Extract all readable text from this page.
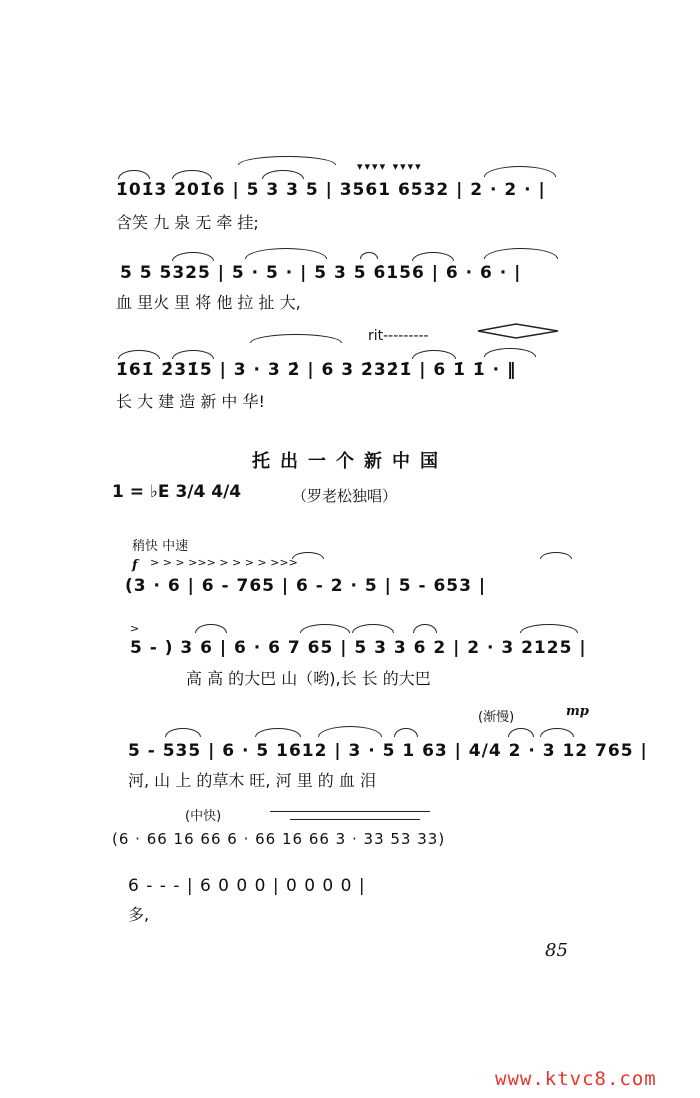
▾▾▾▾ ▾▾▾▾
1̇01̇3 2̇01̇6 | 5 3 3 5 | 3561 6532 | 2 · 2 · |
含笑 九 泉 无 牵 挂;
5 5 5325 | 5 · 5 · | 5 3 5 6̇156 | 6 · 6 · |
血 里火 里 将 他 拉 扯 大,
rit---------
1̇61̇ 2̇31̇5 | 3 · 3 2̇ | 6 3 2̇32̇1̇ | 6 1̇ 1̇ · ‖
长 大 建 造 新 中 华!
托出一个新中国
1 = ♭E 3/4 4/4	（罗老松独唱）
稍快 中速
f > > > >>> > > > > >>>
(3 · 6 | 6 - 765 | 6 - 2 · 5 | 5 - 653 |
>
5 - ) 3 6 | 6 · 6 7 65 | 5 3 3 6 2 | 2 · 3 2125 |
高 高 的大巴 山（哟),长 长 的大巴
(渐慢)	mp
5 - 535 | 6 · 5 1612 | 3 · 5 1 63 | 4/4 2 · 3 12 765 |
河, 山 上 的草木 旺, 河 里 的 血 泪
(中快)
(6 · 66 16 66 6 · 66 16 66 3 · 33 53 33)
6 - - - | 6 0 0 0 | 0 0 0 0 |
多,
85
www.ktvc8.com
